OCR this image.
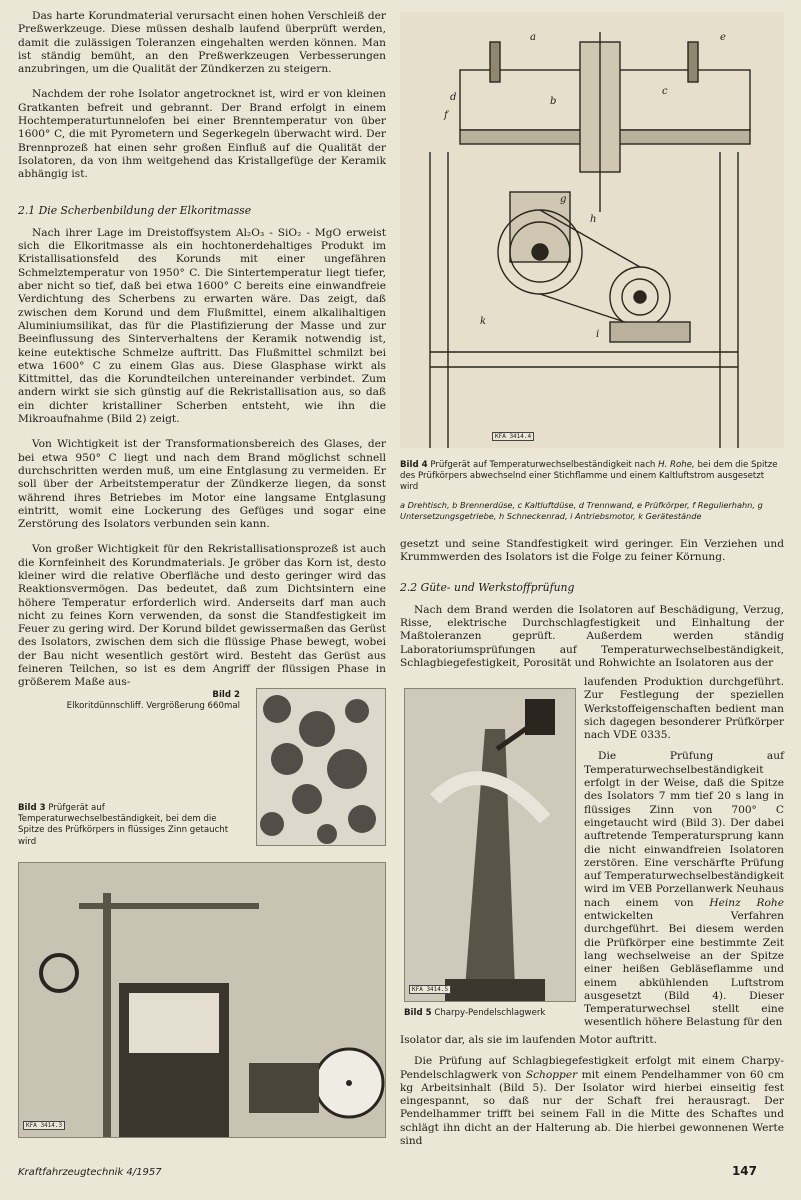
Das harte Korundmaterial verursacht einen hohen Verschleiß der Preßwerkzeuge. Diese müssen deshalb laufend überprüft werden, damit die zulässigen Toleranzen eingehalten werden können. Man ist ständig bemüht, an den Preßwerkzeugen Verbesserungen anzubringen, um die Qualität der Zündkerzen zu steigern.

Nachdem der rohe Isolator angetrocknet ist, wird er von kleinen Gratkanten befreit und gebrannt. Der Brand erfolgt in einem Hochtemperaturtunnelofen bei einer Brenntemperatur von über 1600° C, die mit Pyrometern und Segerkegeln überwacht wird. Der Brennprozeß hat einen sehr großen Einfluß auf die Qualität der Isolatoren, da von ihm weitgehend das Kristallgefüge der Keramik abhängig ist.

2.1 Die Scherbenbildung der Elkoritmasse

Nach ihrer Lage im Dreistoffsystem Al₂O₃ - SiO₂ - MgO erweist sich die Elkoritmasse als ein hochtonerdehaltiges Produkt im Kristallisationsfeld des Korunds mit einer ungefähren Schmelztemperatur von 1950° C. Die Sintertemperatur liegt tiefer, aber nicht so tief, daß bei etwa 1600° C bereits eine einwandfreie Verdichtung des Scherbens zu erwarten wäre. Das zeigt, daß zwischen dem Korund und dem Flußmittel, einem alkalihaltigen Aluminiumsilikat, das für die Plastifizierung der Masse und zur Beeinflussung des Sinterverhaltens der Keramik notwendig ist, keine eutektische Schmelze auftritt. Das Flußmittel schmilzt bei etwa 1600° C zu einem Glas aus. Diese Glasphase wirkt als Kittmittel, das die Korundteilchen untereinander verbindet. Zum andern wirkt sie sich günstig auf die Rekristallisation aus, so daß ein dichter kristalliner Scherben entsteht, wie ihn die Mikroaufnahme (Bild 2) zeigt.

Von Wichtigkeit ist der Transformationsbereich des Glases, der bei etwa 950° C liegt und nach dem Brand möglichst schnell durchschritten werden muß, um eine Entglasung zu vermeiden. Er soll über der Arbeitstemperatur der Zündkerze liegen, da sonst während ihres Betriebes im Motor eine langsame Entglasung eintritt, womit eine Lockerung des Gefüges und sogar eine Zerstörung des Isolators verbunden sein kann.

Von großer Wichtigkeit für den Rekristallisationsprozeß ist auch die Kornfeinheit des Korundmaterials. Je gröber das Korn ist, desto kleiner wird die relative Oberfläche und desto geringer wird das Reaktionsvermögen. Das bedeutet, daß zum Dichtsintern eine höhere Temperatur erforderlich wird. Anderseits darf man auch nicht zu feines Korn verwenden, da sonst die Standfestigkeit im Feuer zu gering wird. Der Korund bildet gewissermaßen das Gerüst des Isolators, zwischen dem sich die flüssige Phase bewegt, wobei der Bau nicht wesentlich gestört wird. Besteht das Gerüst aus feineren Teilchen, so ist es dem Angriff der flüssigen Phase in größerem Maße aus-

a
b
c
d
e
f
g
h
i
k
KFA 3414.4
Bild 4 Prüfgerät auf Temperaturwechselbeständigkeit nach H. Rohe, bei dem die Spitze des Prüfkörpers abwechselnd einer Stichflamme und einem Kaltluftstrom ausgesetzt wird
a Drehtisch, b Brennerdüse, c Kaltluftdüse, d Trennwand, e Prüfkörper, f Regulierhahn, g Untersetzungsgetriebe, h Schneckenrad, i Antriebsmotor, k Gerätestände

gesetzt und seine Standfestigkeit wird geringer. Ein Verziehen und Krummwerden des Isolators ist die Folge zu feiner Körnung.

2.2 Güte- und Werkstoffprüfung

Nach dem Brand werden die Isolatoren auf Beschädigung, Verzug, Risse, elektrische Durchschlagfestigkeit und Einhaltung der Maßtoleranzen geprüft. Außerdem werden ständig Laboratoriumsprüfungen auf Temperaturwechselbeständigkeit, Schlagbiegefestigkeit, Porosität und Rohwichte an Isolatoren aus der

KFA 3414.5
Bild 5 Charpy-Pendelschlagwerk

laufenden Produktion durchgeführt. Zur Festlegung der speziellen Werkstoffeigenschaften bedient man sich dagegen besonderer Prüfkörper nach VDE 0335.

Die Prüfung auf Temperaturwechselbeständigkeit erfolgt in der Weise, daß die Spitze des Isolators 7 mm tief 20 s lang in flüssiges Zinn von 700° C eingetaucht wird (Bild 3). Der dabei auftretende Temperatursprung kann die nicht einwandfreien Isolatoren zerstören. Eine verschärfte Prüfung auf Temperaturwechselbeständigkeit wird im VEB Porzellanwerk Neuhaus nach einem von Heinz Rohe entwickelten Verfahren durchgeführt. Bei diesem werden die Prüfkörper eine bestimmte Zeit lang wechselweise an der Spitze einer heißen Gebläseflamme und einem abkühlenden Luftstrom ausgesetzt (Bild 4). Dieser Temperaturwechsel stellt eine wesentlich höhere Belastung für den

Isolator dar, als sie im laufenden Motor auftritt.

Die Prüfung auf Schlagbiegefestigkeit erfolgt mit einem Charpy-Pendelschlagwerk von Schopper mit einem Pendelhammer von 60 cm kg Arbeitsinhalt (Bild 5). Der Isolator wird hierbei einseitig fest eingespannt, so daß nur der Schaft frei herausragt. Der Pendelhammer trifft bei seinem Fall in die Mitte des Schaftes und schlägt ihn dicht an der Halterung ab. Die hierbei gewonnenen Werte sind

Bild 2
Elkoritdünnschliff. Vergrößerung 660mal
Bild 3 Prüfgerät auf Temperaturwechselbeständigkeit, bei dem die Spitze des Prüfkörpers in flüssiges Zinn getaucht wird
KFA 3414.3
Kraftfahrzeugtechnik 4/1957	147
